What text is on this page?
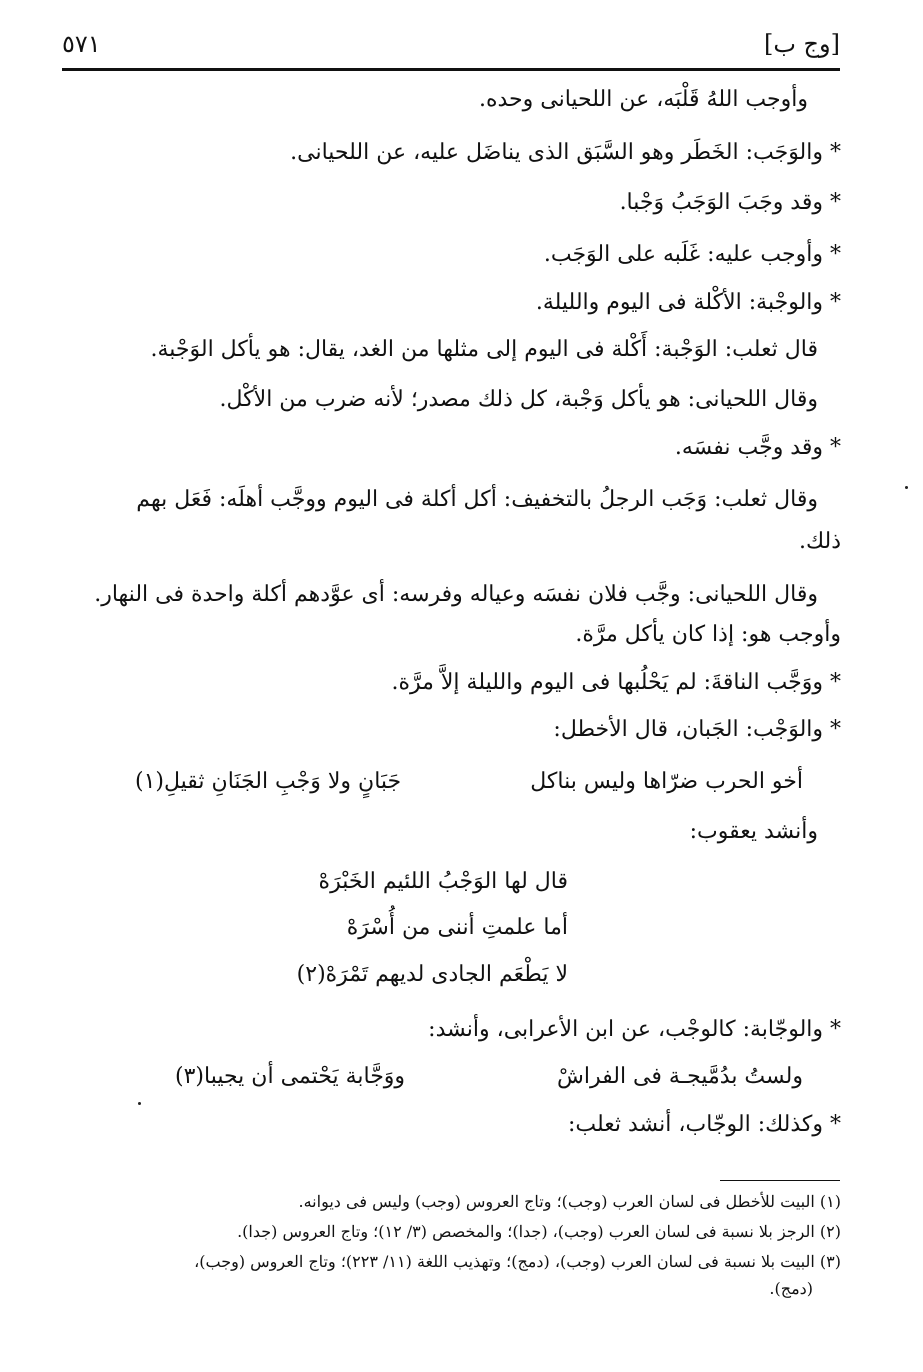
[وج ب]
٥٧١
وأوجب اللهُ قَلْبَه، عن اللحيانى وحده.
* والوَجَب: الخَطَر وهو السَّبَق الذى يناضَل عليه، عن اللحيانى.
* وقد وجَبَ الوَجَبُ وَجْبا.
* وأوجب عليه: غَلَبه على الوَجَب.
* والوجْبة: الأكْلة فى اليوم والليلة.
قال ثعلب: الوَجْبة: أَكْلة فى اليوم إلى مثلها من الغد، يقال: هو يأكل الوَجْبة.
وقال اللحيانى: هو يأكل وَجْبة، كل ذلك مصدر؛ لأنه ضرب من الأكْل.
* وقد وجَّب نفسَه.
وقال ثعلب: وَجَب الرجلُ بالتخفيف: أكل أكلة فى اليوم ووجَّب أهلَه: فَعَل بهم
ذلك.
وقال اللحيانى: وجَّب فلان نفسَه وعياله وفرسه: أى عوَّدهم أكلة واحدة فى النهار.
وأوجب هو: إذا كان يأكل مرَّة.
* ووَجَّب الناقةَ: لم يَحْلُبها فى اليوم والليلة إلاَّ مرَّة.
* والوَجْب: الجَبان، قال الأخطل:
أخو الحرب ضرّاها وليس بناكل
جَبَانٍ ولا وَجْبِ الجَنَانِ ثقيلِ(١)
وأنشد يعقوب:
قال لها الوَجْبُ اللئيم الخَبْرَهْ
أما علمتِ أننى من أُسْرَهْ
لا يَطْعَم الجادى لديهم تَمْرَهْ(٢)
* والوجّابة: كالوجْب، عن ابن الأعرابى، وأنشد:
ولستُ بدُمَّيجـة فى الفراشْ
ووَجَّابة يَحْتمى أن يجيبا(٣)
* وكذلك: الوجّاب، أنشد ثعلب:
(١) البيت للأخطل فى لسان العرب (وجب)؛ وتاج العروس (وجب) وليس فى ديوانه.
(٢) الرجز بلا نسبة فى لسان العرب (وجب)، (جدا)؛ والمخصص (٣/ ١٢)؛ وتاج العروس (جدا).
(٣) البيت بلا نسبة فى لسان العرب (وجب)، (دمج)؛ وتهذيب اللغة (١١/ ٢٢٣)؛ وتاج العروس (وجب)،
(دمج).
